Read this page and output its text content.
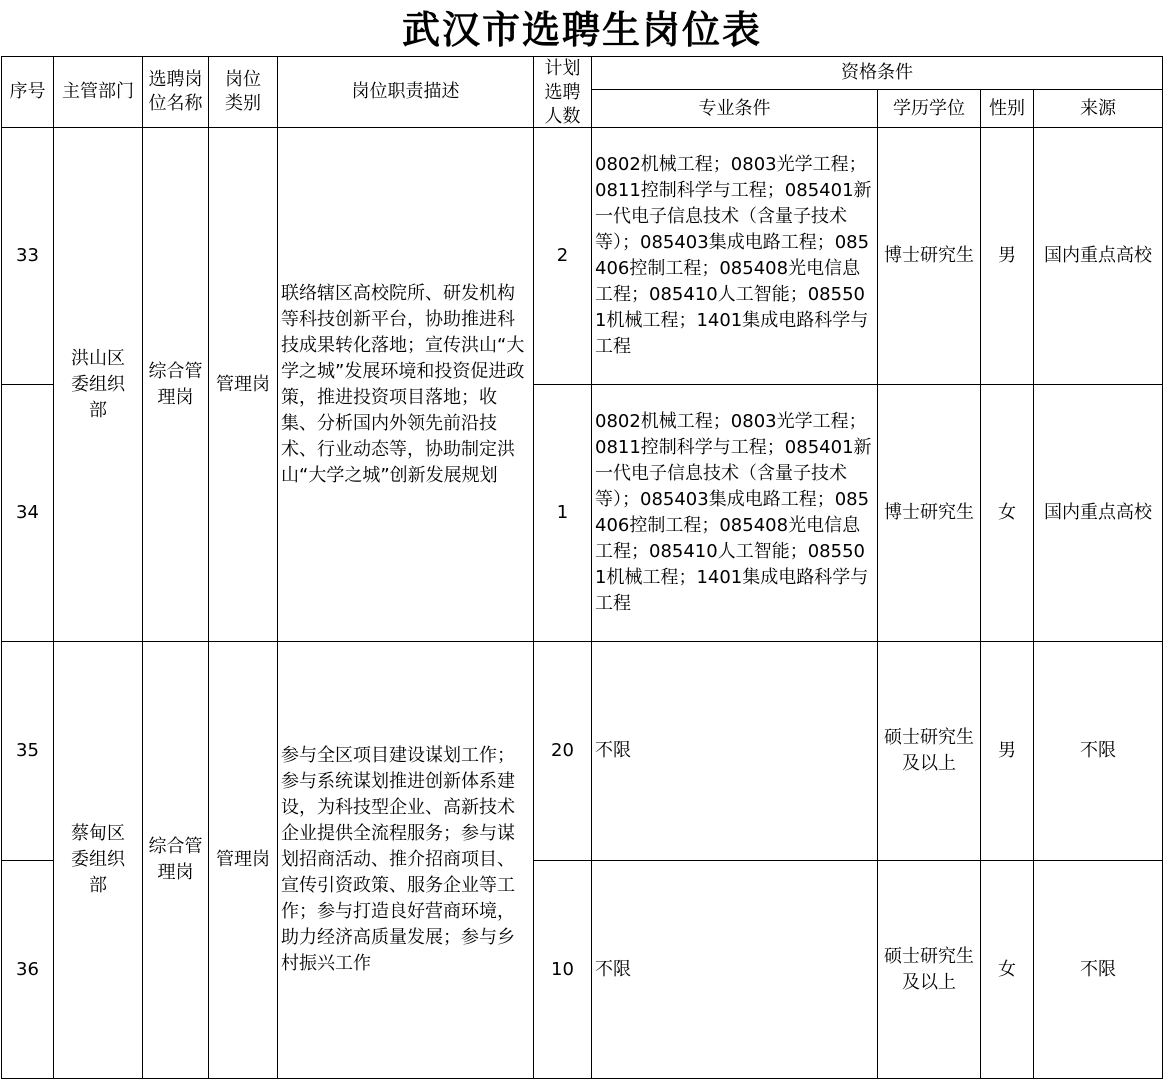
武汉市选聘生岗位表
序号	主管部门	选聘岗位名称	岗位类别	岗位职责描述	计划选聘人数	资格条件			
						专业条件	学历学位	性别	来源
33	洪山区委组织部	综合管理岗	管理岗	联络辖区高校院所、研发机构等科技创新平台，协助推进科技成果转化落地；宣传洪山“大学之城”发展环境和投资促进政策，推进投资项目落地；收集、分析国内外领先前沿技术、行业动态等，协助制定洪山“大学之城”创新发展规划	2	0802机械工程；0803光学工程；0811控制科学与工程；085401新一代电子信息技术（含量子技术等）；085403集成电路工程；085406控制工程；085408光电信息工程；085410人工智能；085501机械工程；1401集成电路科学与工程	博士研究生	男	国内重点高校
34					1	0802机械工程；0803光学工程；0811控制科学与工程；085401新一代电子信息技术（含量子技术等）；085403集成电路工程；085406控制工程；085408光电信息工程；085410人工智能；085501机械工程；1401集成电路科学与工程	博士研究生	女	国内重点高校
35	蔡甸区委组织部	综合管理岗	管理岗	参与全区项目建设谋划工作；参与系统谋划推进创新体系建设，为科技型企业、高新技术企业提供全流程服务；参与谋划招商活动、推介招商项目、宣传引资政策、服务企业等工作；参与打造良好营商环境，助力经济高质量发展；参与乡村振兴工作	20	不限	硕士研究生及以上	男	不限
36					10	不限	硕士研究生及以上	女	不限
